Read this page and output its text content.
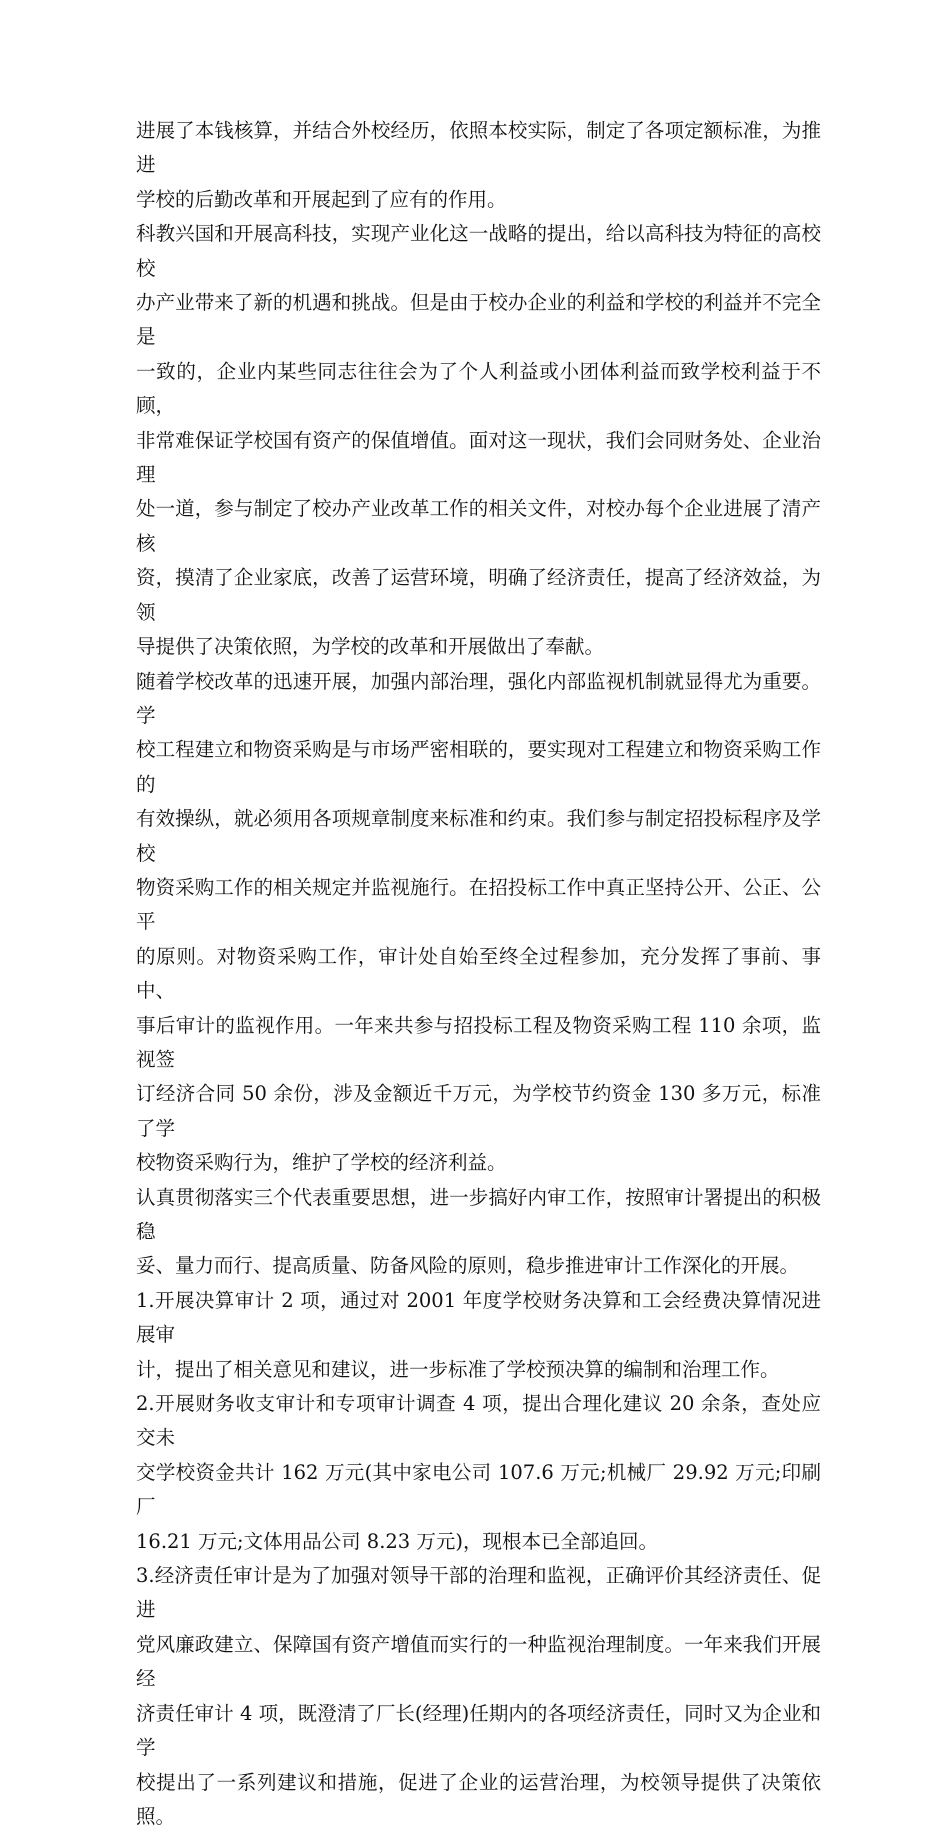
进展了本钱核算，并结合外校经历，依照本校实际，制定了各项定额标准，为推进
学校的后勤改革和开展起到了应有的作用。

科教兴国和开展高科技，实现产业化这一战略的提出，给以高科技为特征的高校校
办产业带来了新的机遇和挑战。但是由于校办企业的利益和学校的利益并不完全是
一致的，企业内某些同志往往会为了个人利益或小团体利益而致学校利益于不顾，
非常难保证学校国有资产的保值增值。面对这一现状，我们会同财务处、企业治理
处一道，参与制定了校办产业改革工作的相关文件，对校办每个企业进展了清产核
资，摸清了企业家底，改善了运营环境，明确了经济责任，提高了经济效益，为领
导提供了决策依照，为学校的改革和开展做出了奉献。

随着学校改革的迅速开展，加强内部治理，强化内部监视机制就显得尤为重要。学
校工程建立和物资采购是与市场严密相联的，要实现对工程建立和物资采购工作的
有效操纵，就必须用各项规章制度来标准和约束。我们参与制定招投标程序及学校
物资采购工作的相关规定并监视施行。在招投标工作中真正坚持公开、公正、公平
的原则。对物资采购工作，审计处自始至终全过程参加，充分发挥了事前、事中、
事后审计的监视作用。一年来共参与招投标工程及物资采购工程 110 余项，监视签
订经济合同 50 余份，涉及金额近千万元，为学校节约资金 130 多万元，标准了学
校物资采购行为，维护了学校的经济利益。

认真贯彻落实三个代表重要思想，进一步搞好内审工作，按照审计署提出的积极稳
妥、量力而行、提高质量、防备风险的原则，稳步推进审计工作深化的开展。

1.开展决算审计 2 项，通过对 2001 年度学校财务决算和工会经费决算情况进展审
计，提出了相关意见和建议，进一步标准了学校预决算的编制和治理工作。

2.开展财务收支审计和专项审计调查 4 项，提出合理化建议 20 余条，查处应交未
交学校资金共计 162 万元(其中家电公司 107.6 万元;机械厂 29.92 万元;印刷厂
16.21 万元;文体用品公司 8.23 万元)，现根本已全部追回。

3.经济责任审计是为了加强对领导干部的治理和监视，正确评价其经济责任、促进
党风廉政建立、保障国有资产增值而实行的一种监视治理制度。一年来我们开展经
济责任审计 4 项，既澄清了厂长(经理)任期内的各项经济责任，同时又为企业和学
校提出了一系列建议和措施，促进了企业的运营治理，为校领导提供了决策依照。
